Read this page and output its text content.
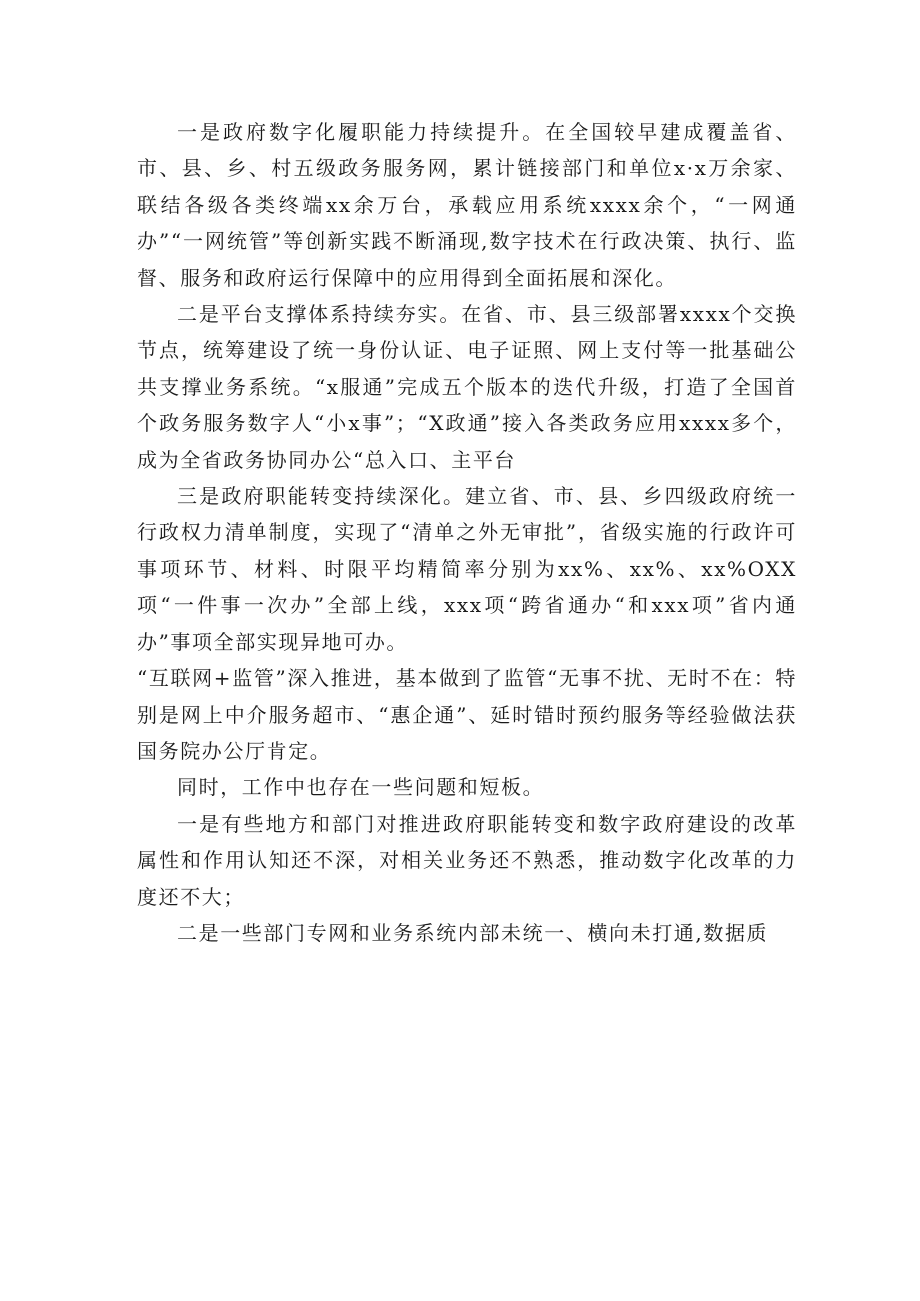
一是政府数字化履职能力持续提升。在全国较早建成覆盖省、市、县、乡、村五级政务服务网，累计链接部门和单位x·x万余家、联结各级各类终端xx余万台，承载应用系统xxxx余个，“一网通办”“一网统管”等创新实践不断涌现,数字技术在行政决策、执行、监督、服务和政府运行保障中的应用得到全面拓展和深化。

二是平台支撑体系持续夯实。在省、市、县三级部署xxxx个交换节点，统筹建设了统一身份认证、电子证照、网上支付等一批基础公共支撑业务系统。“x服通”完成五个版本的迭代升级，打造了全国首个政务服务数字人“小x事”；“X政通”接入各类政务应用xxxx多个，成为全省政务协同办公“总入口、主平台

三是政府职能转变持续深化。建立省、市、县、乡四级政府统一行政权力清单制度，实现了“清单之外无审批”，省级实施的行政许可事项环节、材料、时限平均精简率分别为xx%、xx%、xx%OXX项“一件事一次办”全部上线，xxx项“跨省通办“和xxx项”省内通办”事项全部实现异地可办。

“互联网+监管”深入推进，基本做到了监管“无事不扰、无时不在：特别是网上中介服务超市、“惠企通”、延时错时预约服务等经验做法获国务院办公厅肯定。

同时，工作中也存在一些问题和短板。

一是有些地方和部门对推进政府职能转变和数字政府建设的改革属性和作用认知还不深，对相关业务还不熟悉，推动数字化改革的力度还不大；

二是一些部门专网和业务系统内部未统一、横向未打通,数据质
